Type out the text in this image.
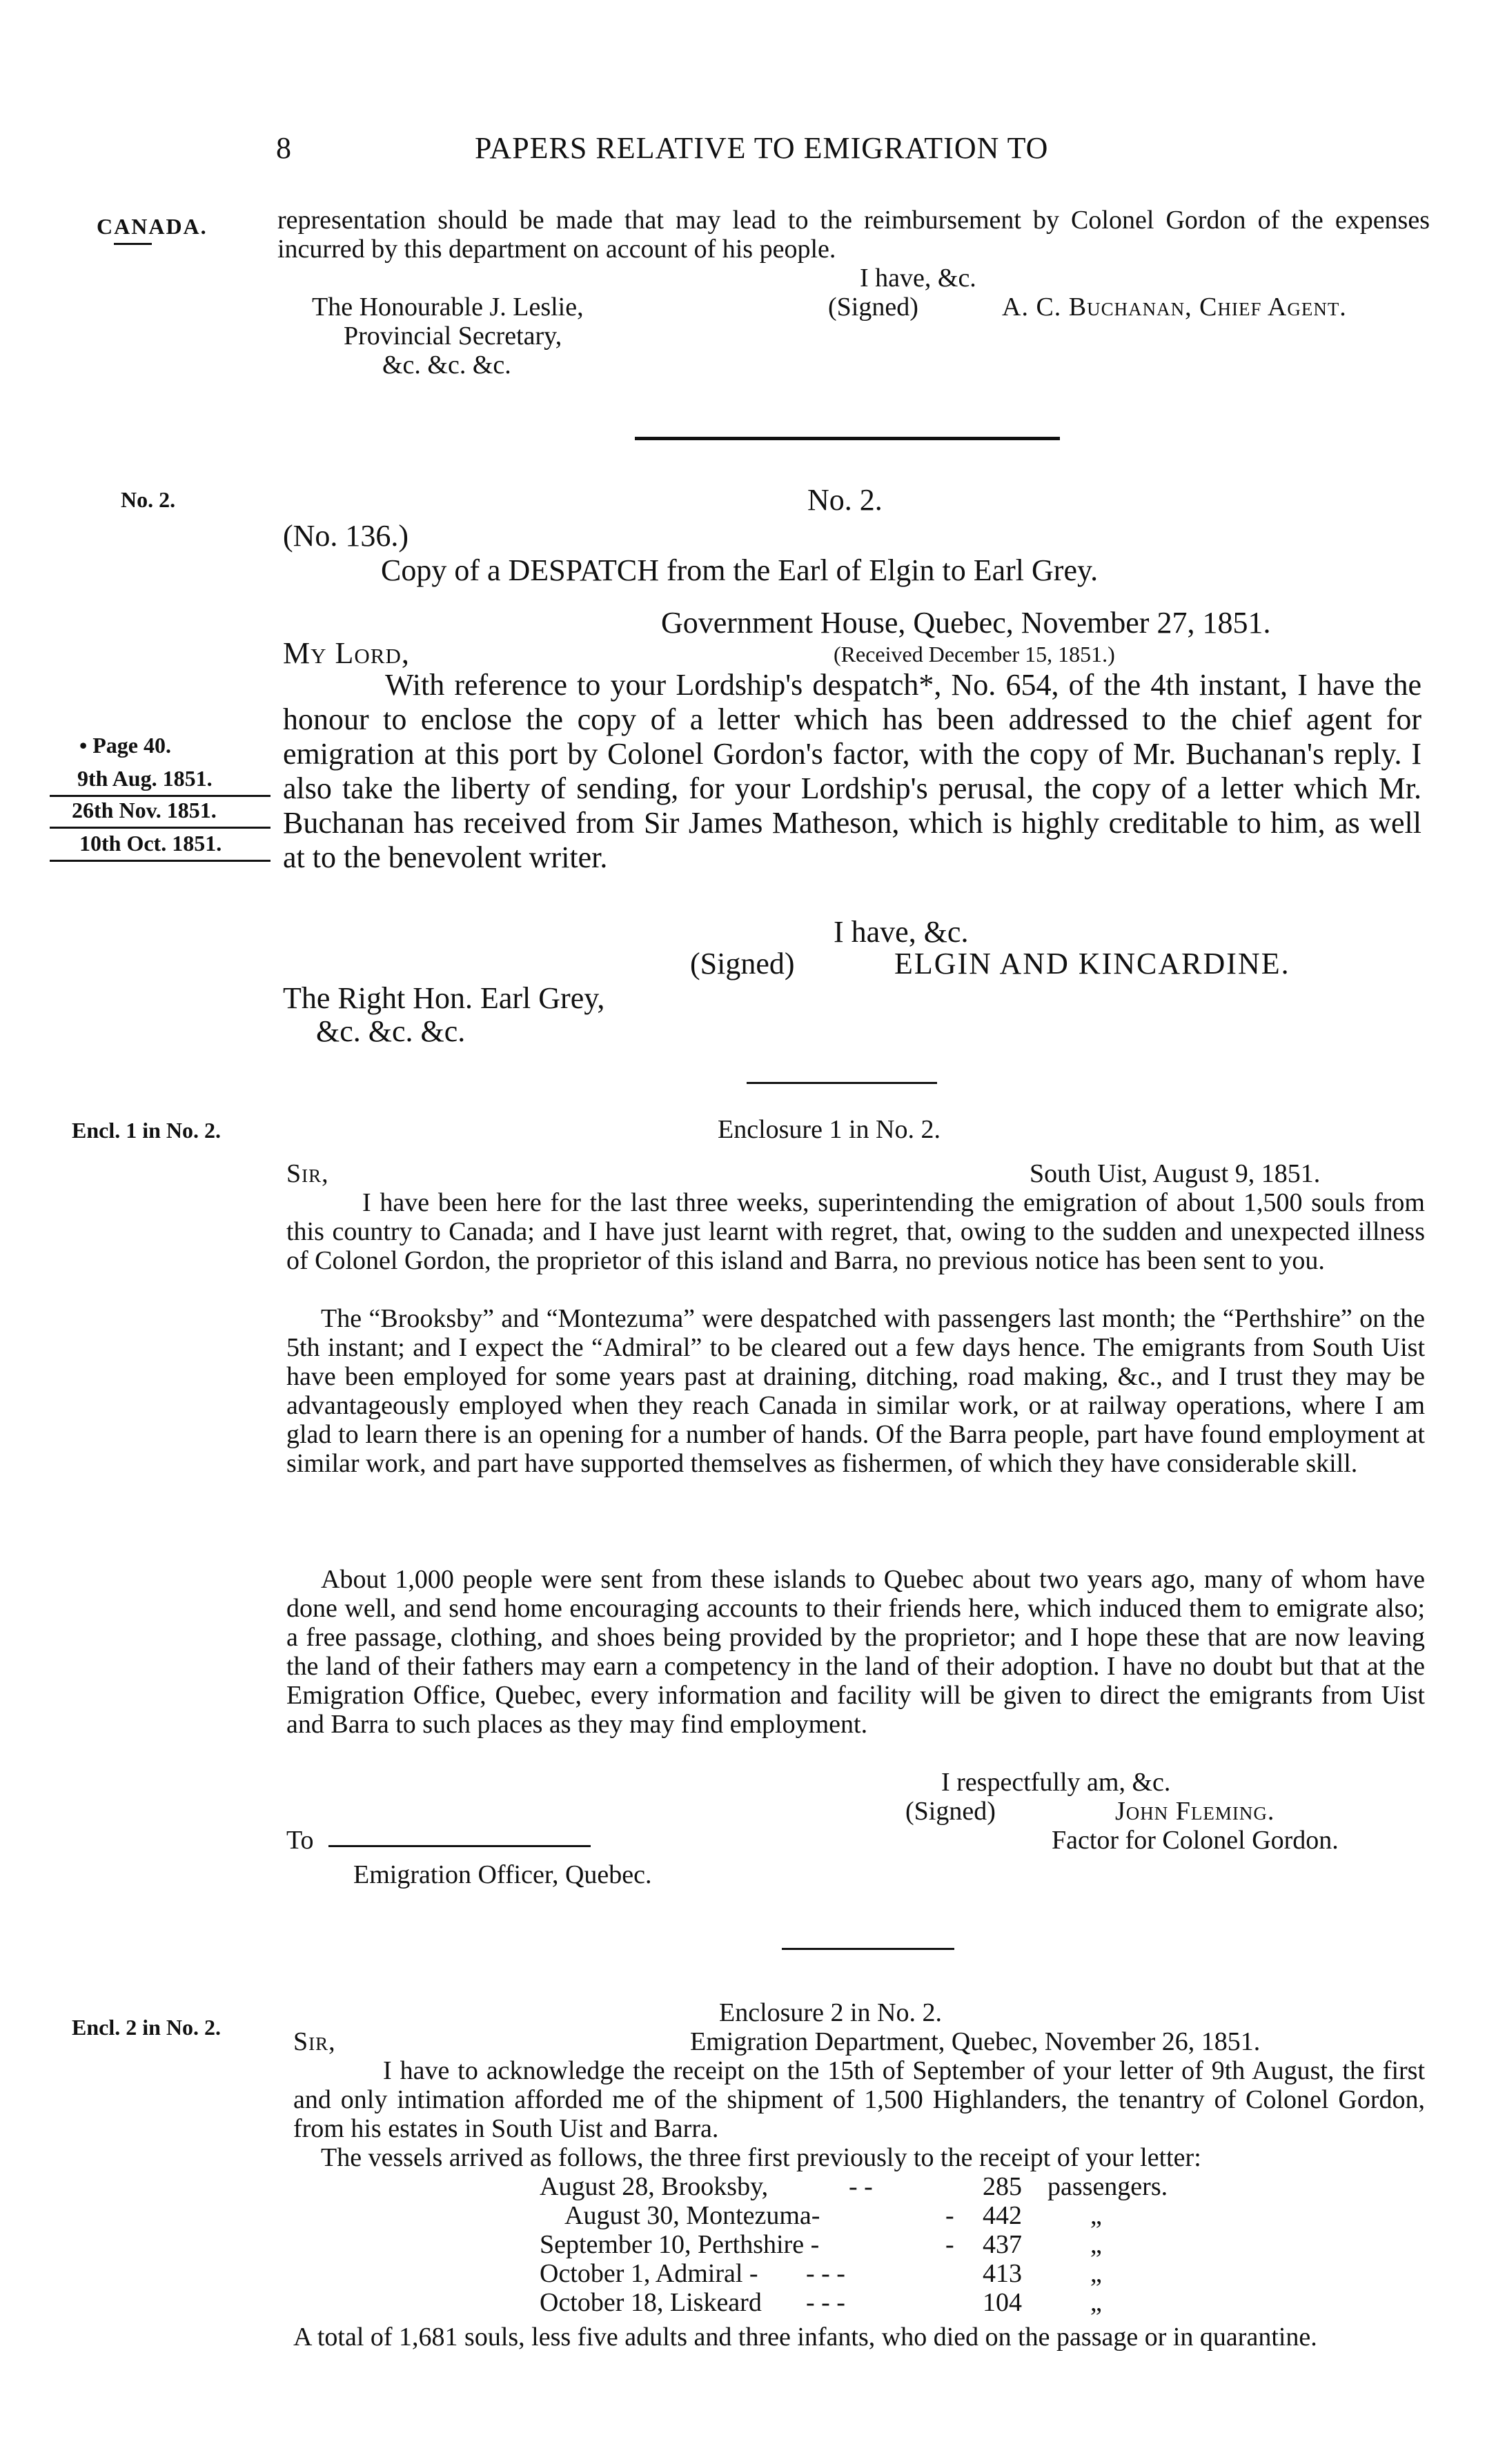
8	PAPERS RELATIVE TO EMIGRATION TO
CANADA.	representation should be made that may lead to the reimbursement by Colonel Gordon of the expenses incurred by this department on account of his people.
I have, &c.
The Honourable J. Leslie,	(Signed)	A. C. Buchanan, Chief Agent.
Provincial Secretary,
&c. &c. &c.
No. 2.	No. 2.
(No. 136.)
Copy of a DESPATCH from the Earl of Elgin to Earl Grey.
Government House, Quebec, November 27, 1851.
My Lord,	(Received December 15, 1851.)
• Page 40.
9th Aug. 1851.
26th Nov. 1851.
10th Oct. 1851.
With reference to your Lordship's despatch*, No. 654, of the 4th instant, I have the honour to enclose the copy of a letter which has been addressed to the chief agent for emigration at this port by Colonel Gordon's factor, with the copy of Mr. Buchanan's reply. I also take the liberty of sending, for your Lordship's perusal, the copy of a letter which Mr. Buchanan has received from Sir James Matheson, which is highly creditable to him, as well at to the benevolent writer.
I have, &c.
(Signed)	ELGIN AND KINCARDINE.
The Right Hon. Earl Grey,
&c. &c. &c.
Encl. 1 in No. 2.	Enclosure 1 in No. 2.
Sir,	South Uist, August 9, 1851.
I have been here for the last three weeks, superintending the emigration of about 1,500 souls from this country to Canada; and I have just learnt with regret, that, owing to the sudden and unexpected illness of Colonel Gordon, the proprietor of this island and Barra, no previous notice has been sent to you.
The “Brooksby” and “Montezuma” were despatched with passengers last month; the “Perthshire” on the 5th instant; and I expect the “Admiral” to be cleared out a few days hence. The emigrants from South Uist have been employed for some years past at draining, ditching, road making, &c., and I trust they may be advantageously employed when they reach Canada in similar work, or at railway operations, where I am glad to learn there is an opening for a number of hands. Of the Barra people, part have found employment at similar work, and part have supported themselves as fishermen, of which they have considerable skill.
About 1,000 people were sent from these islands to Quebec about two years ago, many of whom have done well, and send home encouraging accounts to their friends here, which induced them to emigrate also; a free passage, clothing, and shoes being provided by the proprietor; and I hope these that are now leaving the land of their fathers may earn a competency in the land of their adoption. I have no doubt but that at the Emigration Office, Quebec, every information and facility will be given to direct the emigrants from Uist and Barra to such places as they may find employment.
I respectfully am, &c.
(Signed)	John Fleming.
To	Factor for Colonel Gordon.
Emigration Officer, Quebec.
Encl. 2 in No. 2.	Enclosure 2 in No. 2.
Sir,	Emigration Department, Quebec, November 26, 1851.
I have to acknowledge the receipt on the 15th of September of your letter of 9th August, the first and only intimation afforded me of the shipment of 1,500 Highlanders, the tenantry of Colonel Gordon, from his estates in South Uist and Barra.
The vessels arrived as follows, the three first previously to the receipt of your letter:
August 28, Brooksby,	- -	285 passengers.
August 30, Montezuma-	- 442	„
September 10, Perthshire -	- 437	„
October 1, Admiral - - - -	413	„
October 18, Liskeard - - -	104	„
A total of 1,681 souls, less five adults and three infants, who died on the passage or in quarantine.
